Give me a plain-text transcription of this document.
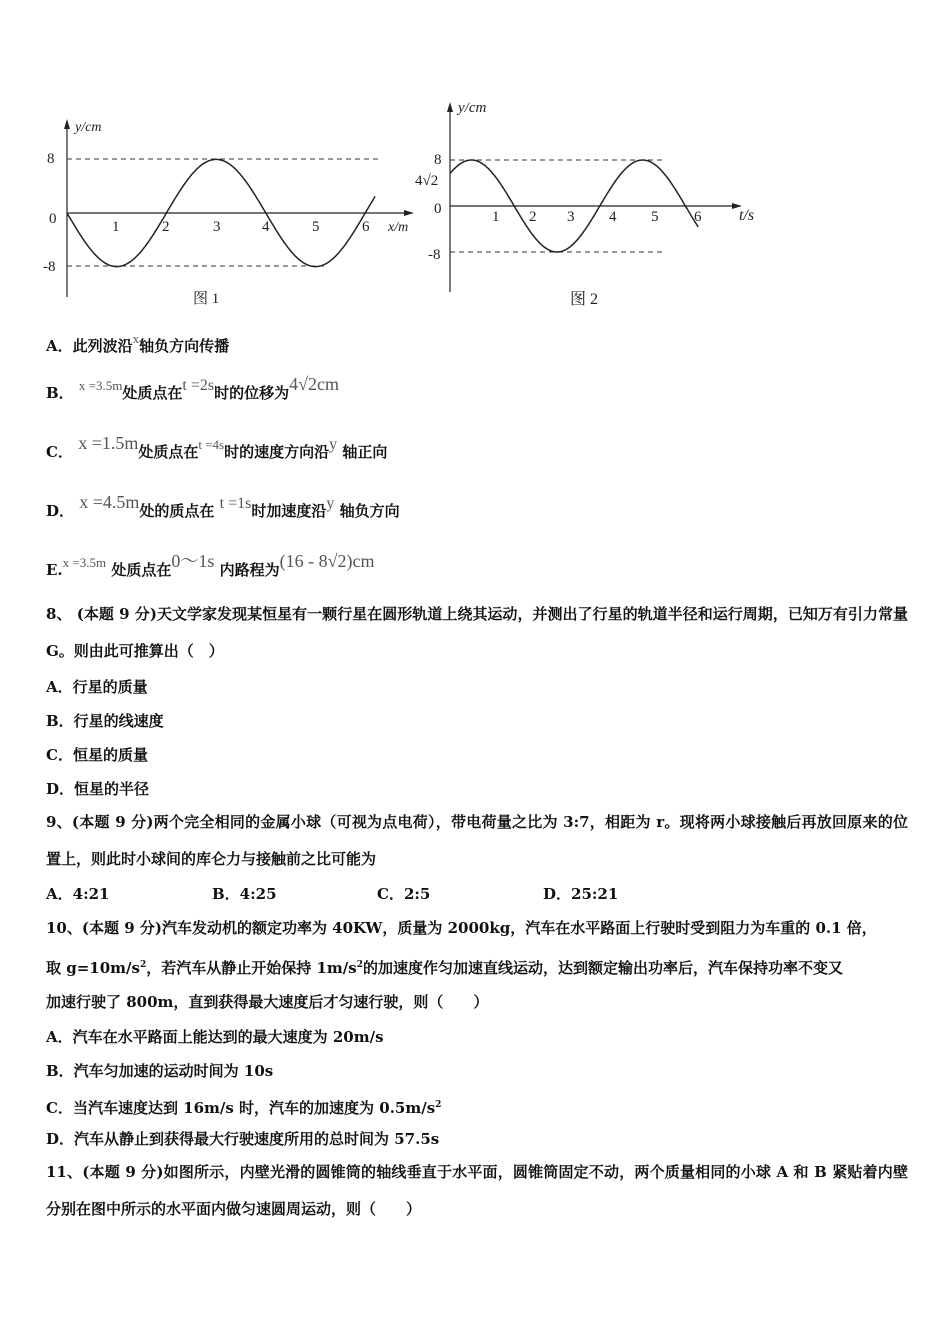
y/cm
x/m
8
0
-8
1	2	3	4	5	6
图 1
y/cm
t/s
8
4√2
0
-8
1 2 3 4 5 6
图 2
A．此列波沿x轴负方向传播
B． x =3.5m处质点在t =2s时的位移为4√2cm
C． x =1.5m处质点在t =4s时的速度方向沿y 轴正向
D． x =4.5m处的质点在 t =1s时加速度沿y 轴负方向
E.x =3.5m 处质点在0～1s 内路程为(16 - 8√2)cm
8、 (本题 9 分)天文学家发现某恒星有一颗行星在圆形轨道上绕其运动，并测出了行星的轨道半径和运行周期，已知万有引力常量G。则由此可推算出（　）
A．行星的质量
B．行星的线速度
C．恒星的质量
D．恒星的半径
9、(本题 9 分)两个完全相同的金属小球（可视为点电荷），带电荷量之比为 3:7，相距为 r。现将两小球接触后再放回原来的位置上，则此时小球间的库仑力与接触前之比可能为
A．4:21	B．4:25	C．2:5	D．25:21
10、(本题 9 分)汽车发动机的额定功率为 40KW，质量为 2000kg，汽车在水平路面上行驶时受到阻力为车重的 0.1 倍，
取 $g=10m/s^2$，若汽车从静止开始保持 $1m/s^2$的加速度作匀加速直线运动，达到额定输出功率后，汽车保持功率不变又
加速行驶了 800m，直到获得最大速度后才匀速行驶，则（　　）
A．汽车在水平路面上能达到的最大速度为 20m/s
B．汽车匀加速的运动时间为 10s
C．当汽车速度达到 16m/s 时，汽车的加速度为 $0.5m/s^2$
D．汽车从静止到获得最大行驶速度所用的总时间为 57.5s
11、(本题 9 分)如图所示，内壁光滑的圆锥筒的轴线垂直于水平面，圆锥筒固定不动，两个质量相同的小球 A 和 B 紧贴着内壁分别在图中所示的水平面内做匀速圆周运动，则（　　）
